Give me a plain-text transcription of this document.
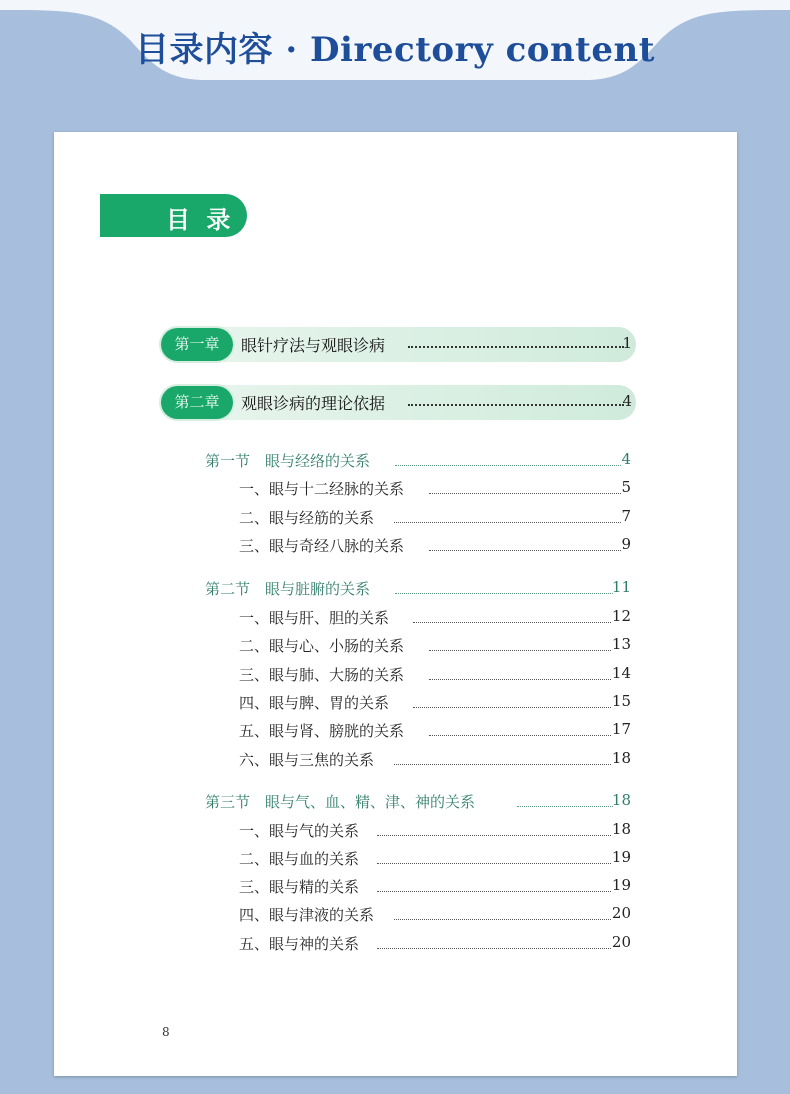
目录内容 · Directory content
目 录
第一章	眼针疗法与观眼诊病	1
第二章	观眼诊病的理论依据	4
第一节　眼与经络的关系	4
一、眼与十二经脉的关系	5
二、眼与经筋的关系	7
三、眼与奇经八脉的关系	9
第二节　眼与脏腑的关系	11
一、眼与肝、胆的关系	12
二、眼与心、小肠的关系	13
三、眼与肺、大肠的关系	14
四、眼与脾、胃的关系	15
五、眼与肾、膀胱的关系	17
六、眼与三焦的关系	18
第三节　眼与气、血、精、津、神的关系	18
一、眼与气的关系	18
二、眼与血的关系	19
三、眼与精的关系	19
四、眼与津液的关系	20
五、眼与神的关系	20
8
